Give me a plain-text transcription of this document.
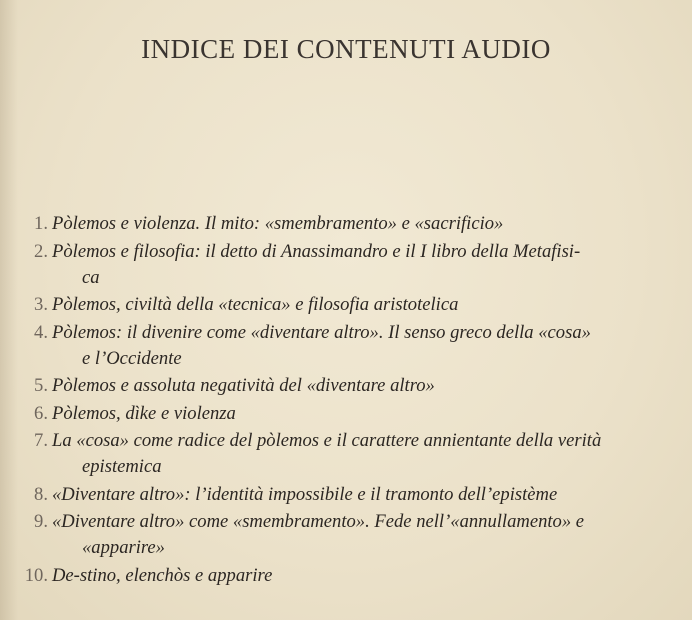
INDICE DEI CONTENUTI AUDIO
1. Pòlemos e violenza. Il mito: «smembramento» e «sacrificio»
2. Pòlemos e filosofia: il detto di Anassimandro e il I libro della Metafisi-
ca
3. Pòlemos, civiltà della «tecnica» e filosofia aristotelica
4. Pòlemos: il divenire come «diventare altro». Il senso greco della «cosa»
e l’Occidente
5. Pòlemos e assoluta negatività del «diventare altro»
6. Pòlemos, dìke e violenza
7. La «cosa» come radice del pòlemos e il carattere annientante della verità
epistemica
8. «Diventare altro»: l’identità impossibile e il tramonto dell’epistème
9. «Diventare altro» come «smembramento». Fede nell’«annullamento» e
«apparire»
10. De-stino, elenchòs e apparire
